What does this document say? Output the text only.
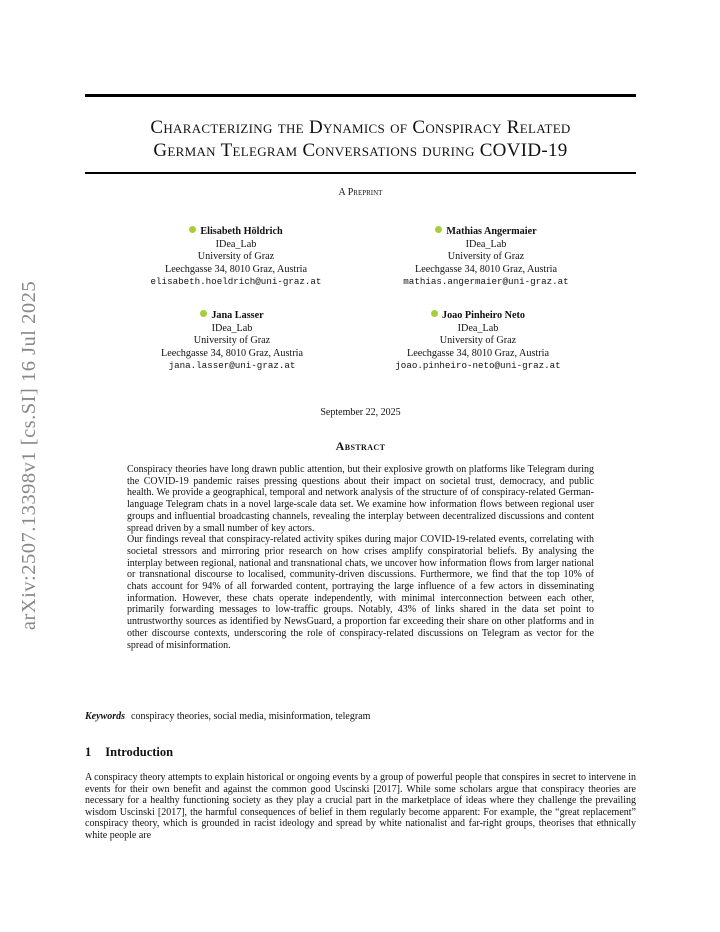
arXiv:2507.13398v1 [cs.SI] 16 Jul 2025
Characterizing the Dynamics of Conspiracy Related
German Telegram Conversations during COVID-19
A Preprint
Elisabeth Höldrich
IDea_Lab
University of Graz
Leechgasse 34, 8010 Graz, Austria
elisabeth.hoeldrich@uni-graz.at
Mathias Angermaier
IDea_Lab
University of Graz
Leechgasse 34, 8010 Graz, Austria
mathias.angermaier@uni-graz.at
Jana Lasser
IDea_Lab
University of Graz
Leechgasse 34, 8010 Graz, Austria
jana.lasser@uni-graz.at
Joao Pinheiro Neto
IDea_Lab
University of Graz
Leechgasse 34, 8010 Graz, Austria
joao.pinheiro-neto@uni-graz.at
September 22, 2025
Abstract

Conspiracy theories have long drawn public attention, but their explosive growth on platforms like Telegram during the COVID-19 pandemic raises pressing questions about their impact on societal trust, democracy, and public health. We provide a geographical, temporal and network analysis of the structure of of conspiracy-related German-language Telegram chats in a novel large-scale data set. We examine how information flows between regional user groups and influential broadcasting channels, revealing the interplay between decentralized discussions and content spread driven by a small number of key actors.

Our findings reveal that conspiracy-related activity spikes during major COVID-19-related events, correlating with societal stressors and mirroring prior research on how crises amplify conspiratorial beliefs. By analysing the interplay between regional, national and transnational chats, we uncover how information flows from larger national or transnational discourse to localised, community-driven discussions. Furthermore, we find that the top 10% of chats account for 94% of all forwarded content, portraying the large influence of a few actors in disseminating information. However, these chats operate independently, with minimal interconnection between each other, primarily forwarding messages to low-traffic groups. Notably, 43% of links shared in the data set point to untrustworthy sources as identified by NewsGuard, a proportion far exceeding their share on other platforms and in other discourse contexts, underscoring the role of conspiracy-related discussions on Telegram as vector for the spread of misinformation.

Keywords conspiracy theories, social media, misinformation, telegram
1 Introduction

A conspiracy theory attempts to explain historical or ongoing events by a group of powerful people that conspires in secret to intervene in events for their own benefit and against the common good Uscinski [2017]. While some scholars argue that conspiracy theories are necessary for a healthy functioning society as they play a crucial part in the marketplace of ideas where they challenge the prevailing wisdom Uscinski [2017], the harmful consequences of belief in them regularly become apparent: For example, the “great replacement” conspiracy theory, which is grounded in racist ideology and spread by white nationalist and far-right groups, theorises that ethnically white people are
